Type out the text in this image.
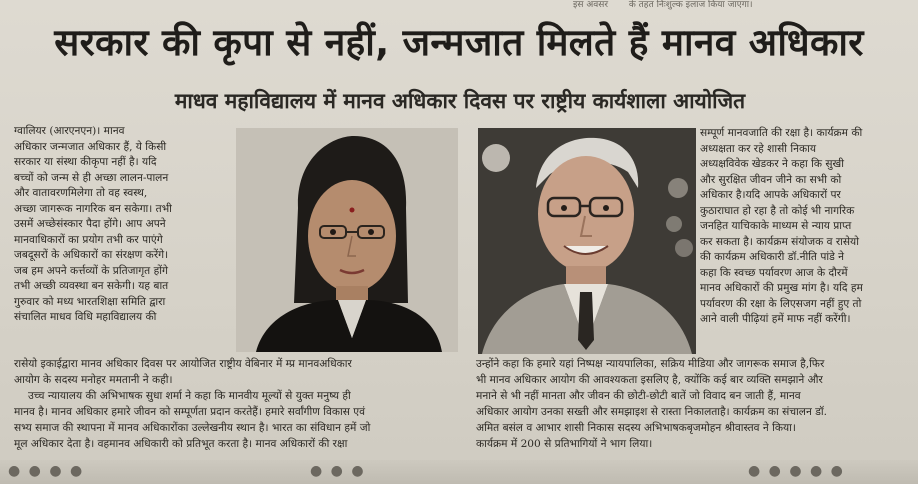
इस अवसर के तहत निःशुल्क इलाज किया जाएगा।
सरकार की कृपा से नहीं, जन्मजात मिलते हैं मानव अधिकार
माधव महाविद्यालय में मानव अधिकार दिवस पर राष्ट्रीय कार्यशाला आयोजित
ग्वालियर (आरएनएन)। मानव
अधिकार जन्मजात अधिकार हैं, ये किसी
सरकार या संस्था कीकृपा नहीं है। यदि
बच्चों को जन्म से ही अच्छा लालन-पालन
और वातावरणमिलेगा तो वह स्वस्थ,
अच्छा जागरूक नागरिक बन सकेगा। तभी
उसमें अच्छेसंस्कार पैदा होंगे। आप अपने
मानवाधिकारों का प्रयोग तभी कर पाएंगे
जबदूसरों के अधिकारों का संरक्षण करेंगे।
जब हम अपने कर्त्तव्यों के प्रतिजागृत होंगे
तभी अच्छी व्यवस्था बन सकेगी। यह बात
गुरुवार को मध्य भारतशिक्षा समिति द्वारा
संचालित माधव विधि महाविद्यालय की
सम्पूर्ण मानवजाति की रक्षा है। कार्यक्रम की
अध्यक्षता कर रहे शासी निकाय
अध्यक्षविवेक खेडकर ने कहा कि सुखी
और सुरक्षित जीवन जीने का सभी को
अधिकार है।यदि आपके अधिकारों पर
कुठाराघात हो रहा है तो कोई भी नागरिक
जनहित याचिकाके माध्यम से न्याय प्राप्त
कर सकता है। कार्यक्रम संयोजक व रासेयो
की कार्यक्रम अधिकारी डॉ.नीति पांडे ने
कहा कि स्वच्छ पर्यावरण आज के दौरमें
मानव अधिकारों की प्रमुख मांग है। यदि हम
पर्यावरण की रक्षा के लिएसजग नहीं हुए तो
आने वाली पीढ़ियां हमें माफ नहीं करेंगी।
रासेयो इकाईद्वारा मानव अधिकार दिवस पर आयोजित राष्ट्रीय वेबिनार में म्प्र मानवअधिकार
आयोग के सदस्य मनोहर ममतानी ने कही।
उच्च न्यायालय की अभिभाषक सुधा शर्मा ने कहा कि मानवीय मूल्यों से युक्त मनुष्य ही
मानव है। मानव अधिकार हमारे जीवन को सम्पूर्णता प्रदान करतेहैं। हमारे सर्वांगीण विकास एवं
सभ्य समाज की स्थापना में मानव अधिकारोंका उल्लेखनीय स्थान है। भारत का संविधान हमें जो
मूल अधिकार देता है। वहमानव अधिकारी को प्रतिभूत करता है। मानव अधिकारों की रक्षा
उन्होंने कहा कि हमारे यहां निष्पक्ष न्यायपालिका, सक्रिय मीडिया और जागरूक समाज है,फिर
भी मानव अधिकार आयोग की आवश्यकता इसलिए है, क्योंकि कई बार व्यक्ति समझाने और
मनाने से भी नहीं मानता और जीवन की छोटी-छोटी बातें जो विवाद बन जाती हैं, मानव
अधिकार आयोग उनका सख्ती और समझाइश से रास्ता निकालताहै। कार्यक्रम का संचालन डॉ.
अमित बसंल व आभार शासी निकास सदस्य अभिभाषकबृजमोहन श्रीवास्तव ने किया।
कार्यक्रम में 200 से प्रतिभागियों ने भाग लिया।
● ● ● ●	● ● ●	● ● ● ● ●
